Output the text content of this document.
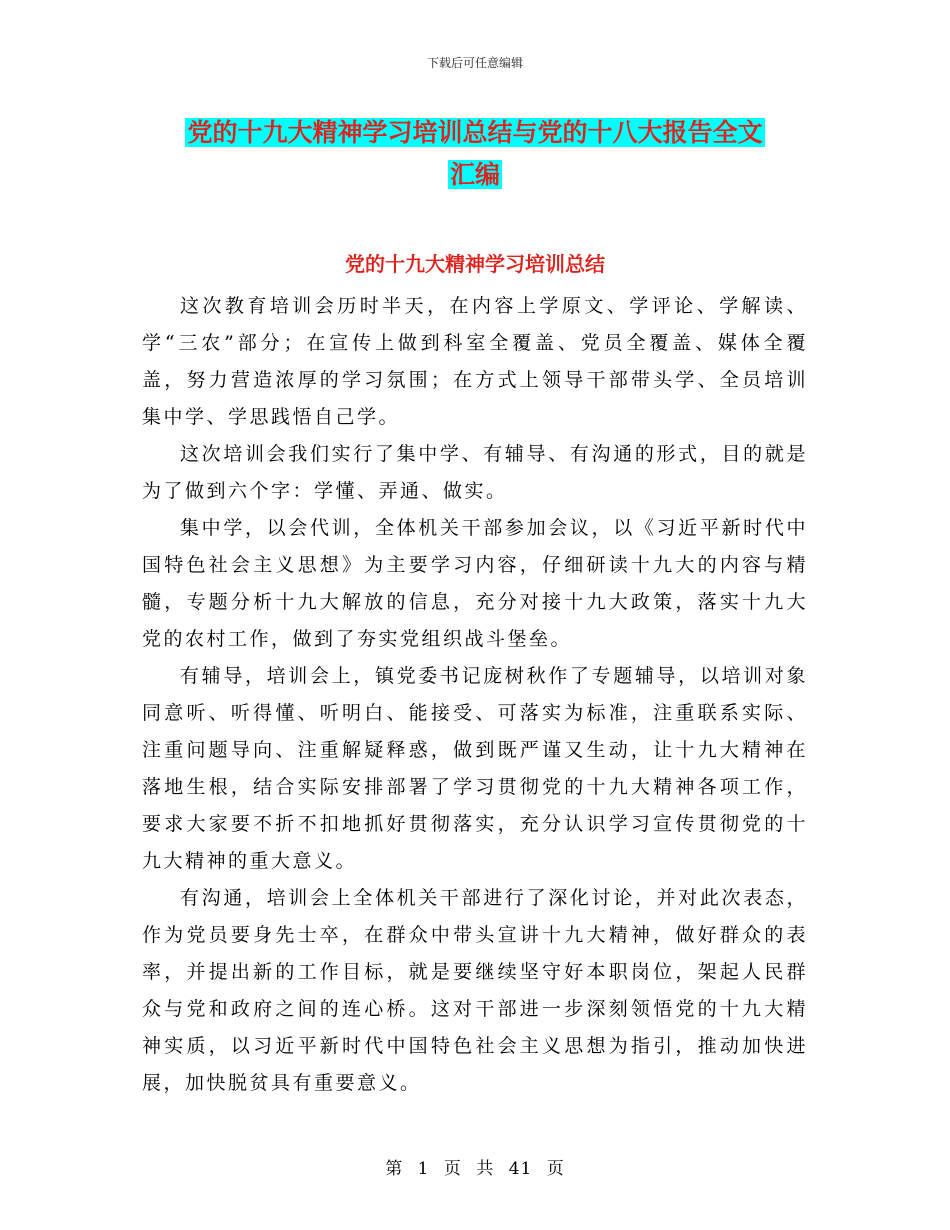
下载后可任意编辑
党的十九大精神学习培训总结与党的十八大报告全文
汇编
党的十九大精神学习培训总结

这次教育培训会历时半天，在内容上学原文、学评论、学解读、学“三农”部分；在宣传上做到科室全覆盖、党员全覆盖、媒体全覆盖，努力营造浓厚的学习氛围；在方式上领导干部带头学、全员培训集中学、学思践悟自己学。

这次培训会我们实行了集中学、有辅导、有沟通的形式，目的就是为了做到六个字：学懂、弄通、做实。

集中学，以会代训，全体机关干部参加会议，以《习近平新时代中国特色社会主义思想》为主要学习内容，仔细研读十九大的内容与精髓，专题分析十九大解放的信息，充分对接十九大政策，落实十九大党的农村工作，做到了夯实党组织战斗堡垒。

有辅导，培训会上，镇党委书记庞树秋作了专题辅导，以培训对象同意听、听得懂、听明白、能接受、可落实为标准，注重联系实际、注重问题导向、注重解疑释惑，做到既严谨又生动，让十九大精神在落地生根，结合实际安排部署了学习贯彻党的十九大精神各项工作，要求大家要不折不扣地抓好贯彻落实，充分认识学习宣传贯彻党的十九大精神的重大意义。

有沟通，培训会上全体机关干部进行了深化讨论，并对此次表态，作为党员要身先士卒，在群众中带头宣讲十九大精神，做好群众的表率，并提出新的工作目标，就是要继续坚守好本职岗位，架起人民群众与党和政府之间的连心桥。这对干部进一步深刻领悟党的十九大精神实质，以习近平新时代中国特色社会主义思想为指引，推动加快进展，加快脱贫具有重要意义。

第 1 页 共 41 页
